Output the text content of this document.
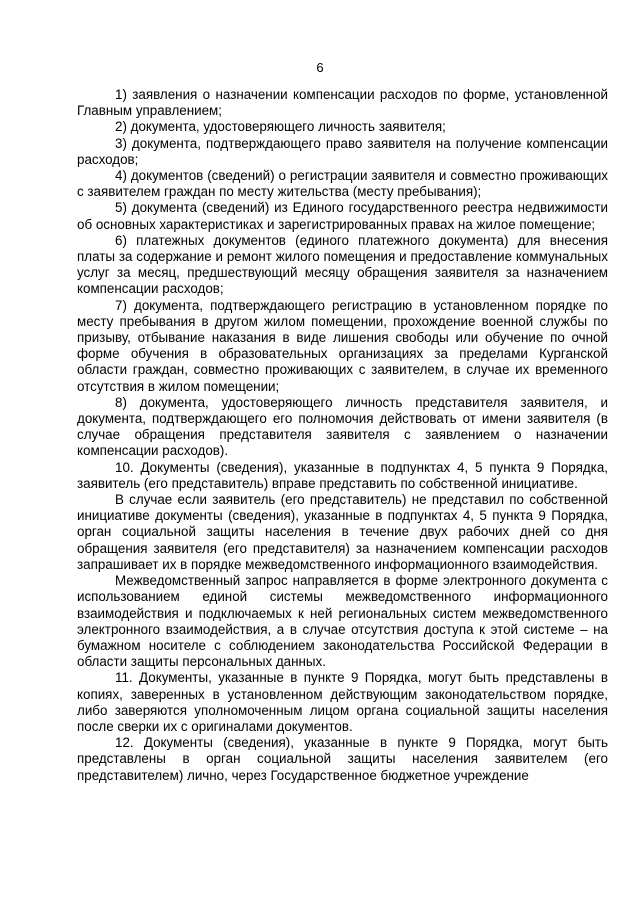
6

1) заявления о назначении компенсации расходов по форме, установленной Главным управлением;

2) документа, удостоверяющего личность заявителя;

3) документа, подтверждающего право заявителя на получение компенсации расходов;

4) документов (сведений) о регистрации заявителя и совместно проживающих с заявителем граждан по месту жительства (месту пребывания);

5) документа (сведений) из Единого государственного реестра недвижимости об основных характеристиках и зарегистрированных правах на жилое помещение;

6) платежных документов (единого платежного документа) для внесения платы за содержание и ремонт жилого помещения и предоставление коммунальных услуг за месяц, предшествующий месяцу обращения заявителя за назначением компенсации расходов;

7) документа, подтверждающего регистрацию в установленном порядке по месту пребывания в другом жилом помещении, прохождение военной службы по призыву, отбывание наказания в виде лишения свободы или обучение по очной форме обучения в образовательных организациях за пределами Курганской области граждан, совместно проживающих с заявителем, в случае их временного отсутствия в жилом помещении;

8) документа, удостоверяющего личность представителя заявителя, и документа, подтверждающего его полномочия действовать от имени заявителя (в случае обращения представителя заявителя с заявлением о назначении компенсации расходов).

10. Документы (сведения), указанные в подпунктах 4, 5 пункта 9 Порядка, заявитель (его представитель) вправе представить по собственной инициативе.

В случае если заявитель (его представитель) не представил по собственной инициативе документы (сведения), указанные в подпунктах 4, 5 пункта 9 Порядка, орган социальной защиты населения в течение двух рабочих дней со дня обращения заявителя (его представителя) за назначением компенсации расходов запрашивает их в порядке межведомственного информационного взаимодействия.

Межведомственный запрос направляется в форме электронного документа с использованием единой системы межведомственного информационного взаимодействия и подключаемых к ней региональных систем межведомственного электронного взаимодействия, а в случае отсутствия доступа к этой системе – на бумажном носителе с соблюдением законодательства Российской Федерации в области защиты персональных данных.

11. Документы, указанные в пункте 9 Порядка, могут быть представлены в копиях, заверенных в установленном действующим законодательством порядке, либо заверяются уполномоченным лицом органа социальной защиты населения после сверки их с оригиналами документов.

12. Документы (сведения), указанные в пункте 9 Порядка, могут быть представлены в орган социальной защиты населения заявителем (его представителем) лично, через Государственное бюджетное учреждение
